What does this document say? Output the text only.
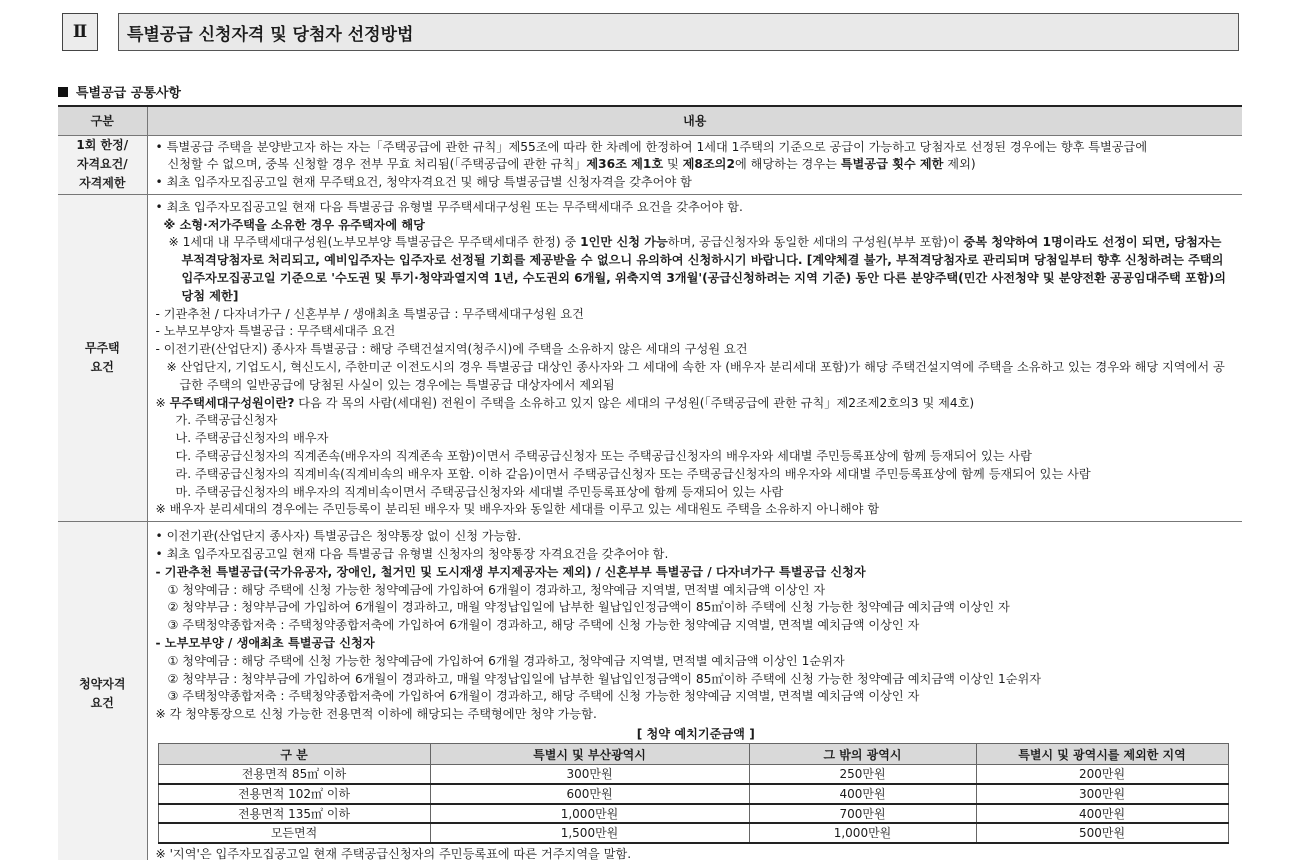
Ⅱ	특별공급 신청자격 및 당첨자 선정방법
특별공급 공통사항
구분	내용

1회 한정/
자격요건/
자격제한

• 특별공급 주택을 분양받고자 하는 자는「주택공급에 관한 규칙」제55조에 따라 한 차례에 한정하여 1세대 1주택의 기준으로 공급이 가능하고 당첨자로 선정된 경우에는 향후 특별공급에
신청할 수 없으며, 중복 신청할 경우 전부 무효 처리됨(「주택공급에 관한 규칙」제36조 제1호 및 제8조의2에 해당하는 경우는 특별공급 횟수 제한 제외)
• 최초 입주자모집공고일 현재 무주택요건, 청약자격요건 및 해당 특별공급별 신청자격을 갖추어야 함

무주택
요건

• 최초 입주자모집공고일 현재 다음 특별공급 유형별 무주택세대구성원 또는 무주택세대주 요건을 갖추어야 함.
※ 소형·저가주택을 소유한 경우 유주택자에 해당
※ 1세대 내 무주택세대구성원(노부모부양 특별공급은 무주택세대주 한정) 중 1인만 신청 가능하며, 공급신청자와 동일한 세대의 구성원(부부 포함)이 중복 청약하여 1명이라도 선정이 되면, 당첨자는 부적격당첨자로 처리되고, 예비입주자는 입주자로 선정될 기회를 제공받을 수 없으니 유의하여 신청하시기 바랍니다. [계약체결 불가, 부적격당첨자로 관리되며 당첨일부터 향후 신청하려는 주택의 입주자모집공고일 기준으로 '수도권 및 투기·청약과열지역 1년, 수도권외 6개월, 위축지역 3개월'(공급신청하려는 지역 기준) 동안 다른 분양주택(민간 사전청약 및 분양전환 공공임대주택 포함)의 당첨 제한]
- 기관추천 / 다자녀가구 / 신혼부부 / 생애최초 특별공급 : 무주택세대구성원 요건
- 노부모부양자 특별공급 : 무주택세대주 요건
- 이전기관(산업단지) 종사자 특별공급 : 해당 주택건설지역(청주시)에 주택을 소유하지 않은 세대의 구성원 요건
※ 산업단지, 기업도시, 혁신도시, 주한미군 이전도시의 경우 특별공급 대상인 종사자와 그 세대에 속한 자 (배우자 분리세대 포함)가 해당 주택건설지역에 주택을 소유하고 있는 경우와 해당 지역에서 공급한 주택의 일반공급에 당첨된 사실이 있는 경우에는 특별공급 대상자에서 제외됨
※ 무주택세대구성원이란? 다음 각 목의 사람(세대원) 전원이 주택을 소유하고 있지 않은 세대의 구성원(「주택공급에 관한 규칙」제2조제2호의3 및 제4호)
가. 주택공급신청자
나. 주택공급신청자의 배우자
다. 주택공급신청자의 직계존속(배우자의 직계존속 포함)이면서 주택공급신청자 또는 주택공급신청자의 배우자와 세대별 주민등록표상에 함께 등재되어 있는 사람
라. 주택공급신청자의 직계비속(직계비속의 배우자 포함. 이하 같음)이면서 주택공급신청자 또는 주택공급신청자의 배우자와 세대별 주민등록표상에 함께 등재되어 있는 사람
마. 주택공급신청자의 배우자의 직계비속이면서 주택공급신청자와 세대별 주민등록표상에 함께 등재되어 있는 사람
※ 배우자 분리세대의 경우에는 주민등록이 분리된 배우자 및 배우자와 동일한 세대를 이루고 있는 세대원도 주택을 소유하지 아니해야 함

청약자격
요건

• 이전기관(산업단지 종사자) 특별공급은 청약통장 없이 신청 가능함.
• 최초 입주자모집공고일 현재 다음 특별공급 유형별 신청자의 청약통장 자격요건을 갖추어야 함.
- 기관추천 특별공급(국가유공자, 장애인, 철거민 및 도시재생 부지제공자는 제외) / 신혼부부 특별공급 / 다자녀가구 특별공급 신청자
① 청약예금 : 해당 주택에 신청 가능한 청약예금에 가입하여 6개월이 경과하고, 청약예금 지역별, 면적별 예치금액 이상인 자
② 청약부금 : 청약부금에 가입하여 6개월이 경과하고, 매월 약정납입일에 납부한 월납입인정금액이 85㎡이하 주택에 신청 가능한 청약예금 예치금액 이상인 자
③ 주택청약종합저축 : 주택청약종합저축에 가입하여 6개월이 경과하고, 해당 주택에 신청 가능한 청약예금 지역별, 면적별 예치금액 이상인 자
- 노부모부양 / 생애최초 특별공급 신청자
① 청약예금 : 해당 주택에 신청 가능한 청약예금에 가입하여 6개월 경과하고, 청약예금 지역별, 면적별 예치금액 이상인 1순위자
② 청약부금 : 청약부금에 가입하여 6개월이 경과하고, 매월 약정납입일에 납부한 월납입인정금액이 85㎡이하 주택에 신청 가능한 청약예금 예치금액 이상인 1순위자
③ 주택청약종합저축 : 주택청약종합저축에 가입하여 6개월이 경과하고, 해당 주택에 신청 가능한 청약예금 지역별, 면적별 예치금액 이상인 자
※ 각 청약통장으로 신청 가능한 전용면적 이하에 해당되는 주택형에만 청약 가능함.
[ 청약 예치기준금액 ]
구 분	특별시 및 부산광역시	그 밖의 광역시	특별시 및 광역시를 제외한 지역
전용면적 85㎡ 이하	300만원	250만원	200만원
전용면적 102㎡ 이하	600만원	400만원	300만원
전용면적 135㎡ 이하	1,000만원	700만원	400만원
모든면적	1,500만원	1,000만원	500만원
※ '지역'은 입주자모집공고일 현재 주택공급신청자의 주민등록표에 따른 거주지역을 말함.
